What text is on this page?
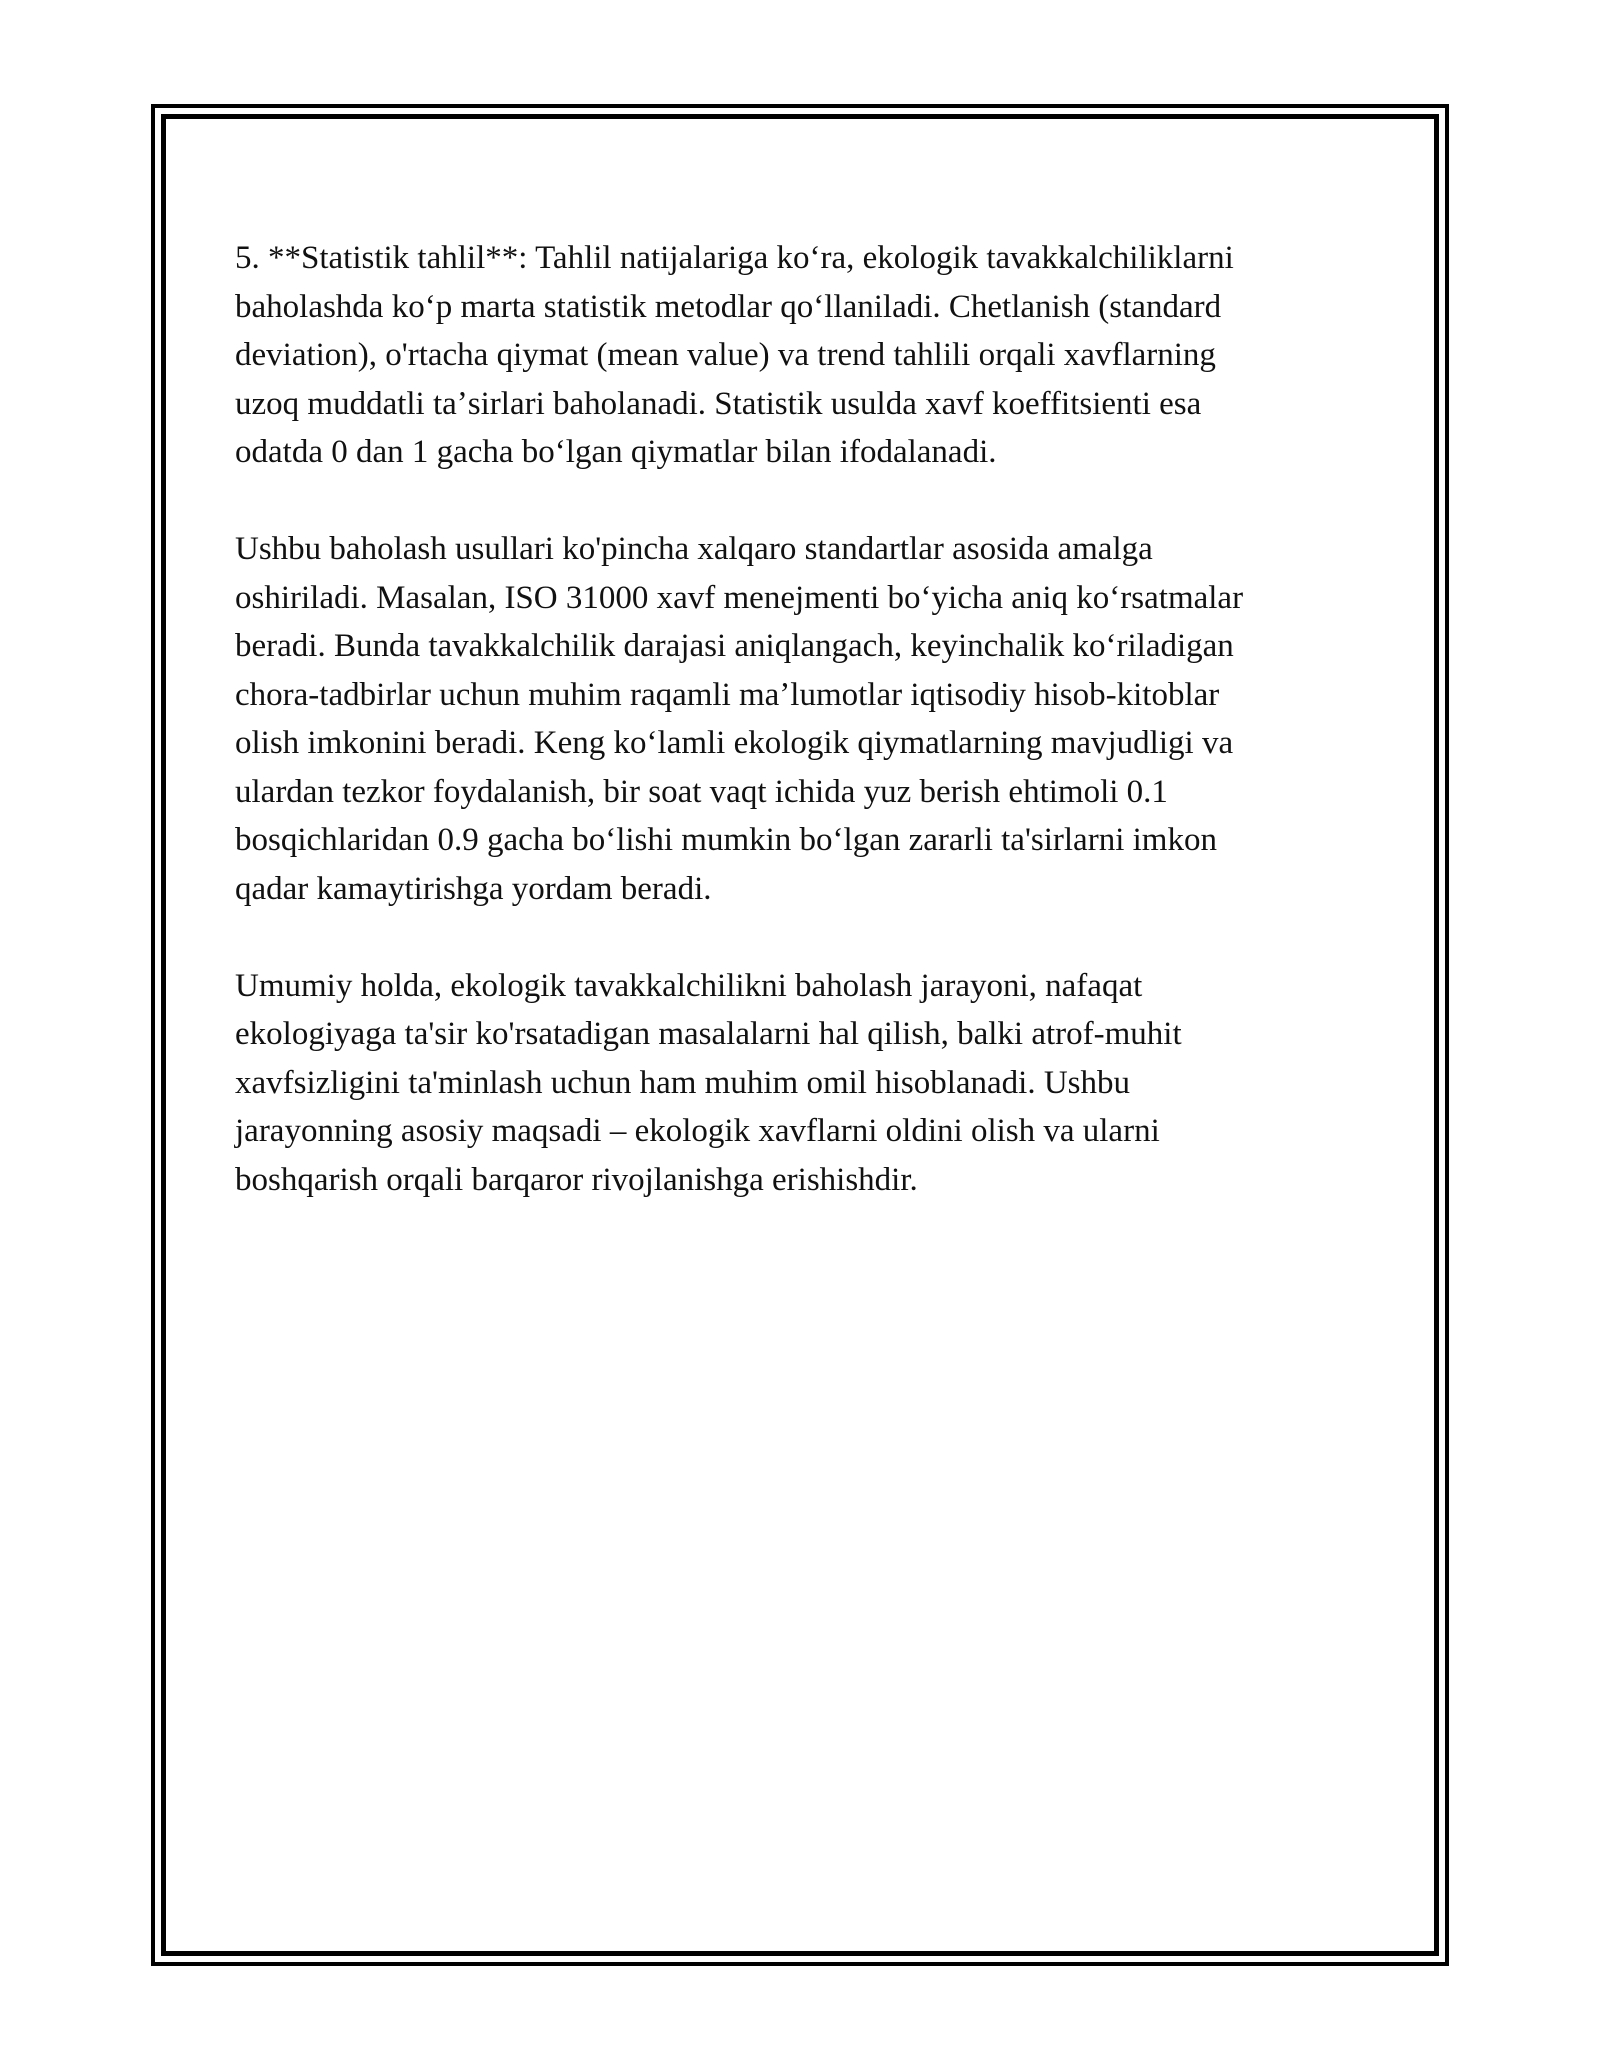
5. **Statistik tahlil**: Tahlil natijalariga koʻra, ekologik tavakkalchiliklarni

baholashda koʻp marta statistik metodlar qoʻllaniladi. Chetlanish (standard

deviation), o'rtacha qiymat (mean value) va trend tahlili orqali xavflarning

uzoq muddatli taʼsirlari baholanadi. Statistik usulda xavf koeffitsienti esa

odatda 0 dan 1 gacha boʻlgan qiymatlar bilan ifodalanadi.

Ushbu baholash usullari ko'pincha xalqaro standartlar asosida amalga

oshiriladi. Masalan, ISO 31000 xavf menejmenti boʻyicha aniq koʻrsatmalar

beradi. Bunda tavakkalchilik darajasi aniqlangach, keyinchalik koʻriladigan

chora-tadbirlar uchun muhim raqamli maʼlumotlar iqtisodiy hisob-kitoblar

olish imkonini beradi. Keng koʻlamli ekologik qiymatlarning mavjudligi va

ulardan tezkor foydalanish, bir soat vaqt ichida yuz berish ehtimoli 0.1

bosqichlaridan 0.9 gacha boʻlishi mumkin boʻlgan zararli ta'sirlarni imkon

qadar kamaytirishga yordam beradi.

Umumiy holda, ekologik tavakkalchilikni baholash jarayoni, nafaqat

ekologiyaga ta'sir ko'rsatadigan masalalarni hal qilish, balki atrof-muhit

xavfsizligini ta'minlash uchun ham muhim omil hisoblanadi. Ushbu

jarayonning asosiy maqsadi – ekologik xavflarni oldini olish va ularni

boshqarish orqali barqaror rivojlanishga erishishdir.
